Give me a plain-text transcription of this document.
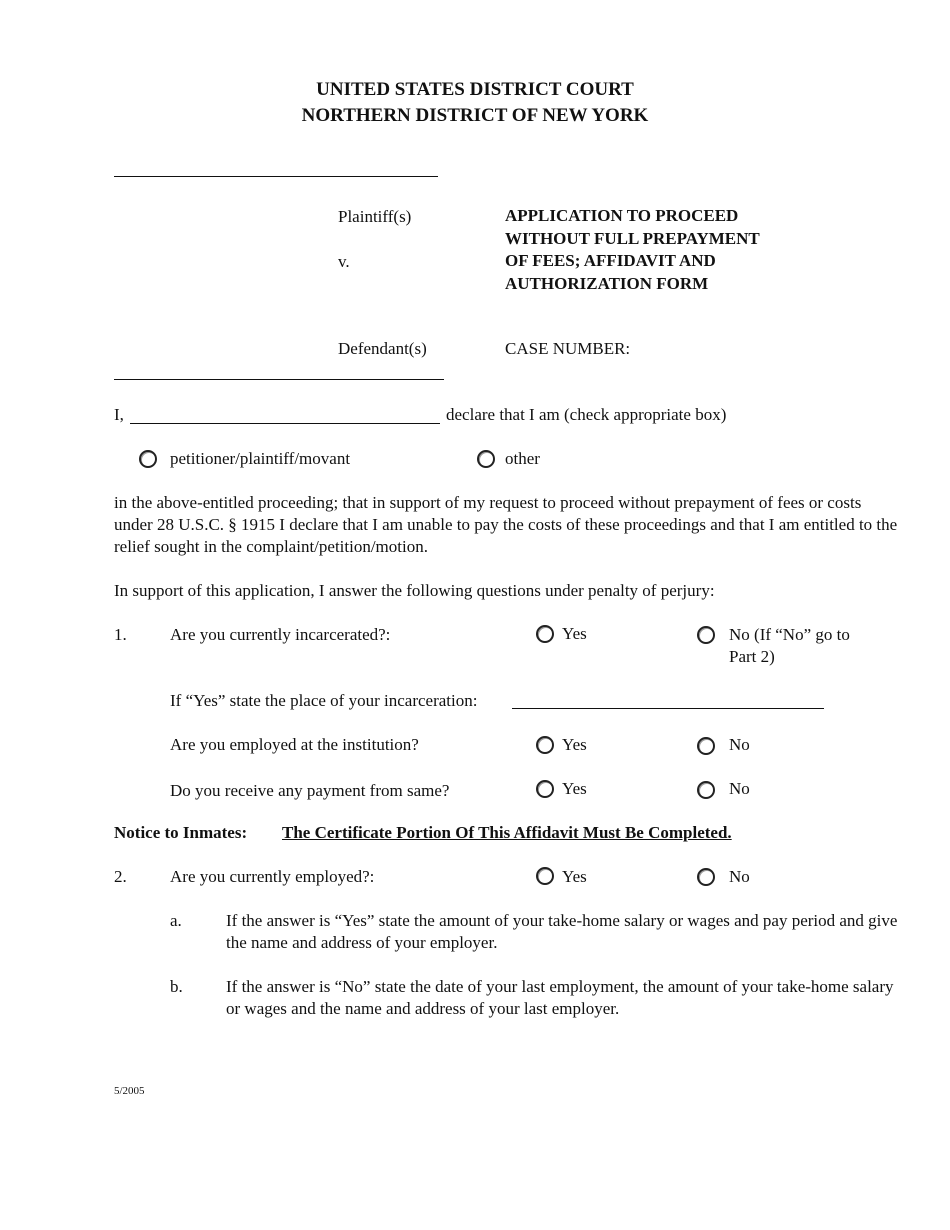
UNITED STATES DISTRICT COURT
NORTHERN DISTRICT OF NEW YORK
Plaintiff(s)
v.
Defendant(s)
APPLICATION TO PROCEED
WITHOUT FULL PREPAYMENT
OF FEES; AFFIDAVIT AND
AUTHORIZATION FORM
CASE NUMBER:
I,	declare that I am (check appropriate box)
petitioner/plaintiff/movant	other
in the above-entitled proceeding; that in support of my request to proceed without prepayment of fees or costs under 28 U.S.C. § 1915 I declare that I am unable to pay the costs of these proceedings and that I am entitled to the relief sought in the complaint/petition/motion.
In support of this application, I answer the following questions under penalty of perjury:
1.	Are you currently incarcerated?:	Yes	No (If “No” go to
Part 2)
If “Yes” state the place of your incarceration:
Are you employed at the institution?	Yes	No
Do you receive any payment from same?	Yes	No
Notice to Inmates: The Certificate Portion Of This Affidavit Must Be Completed.
2.	Are you currently employed?:	Yes	No
a.	If the answer is “Yes” state the amount of your take-home salary or wages and pay period and give the name and address of your employer.
b.	If the answer is “No” state the date of your last employment, the amount of your take-home salary or wages and the name and address of your last employer.
5/2005
